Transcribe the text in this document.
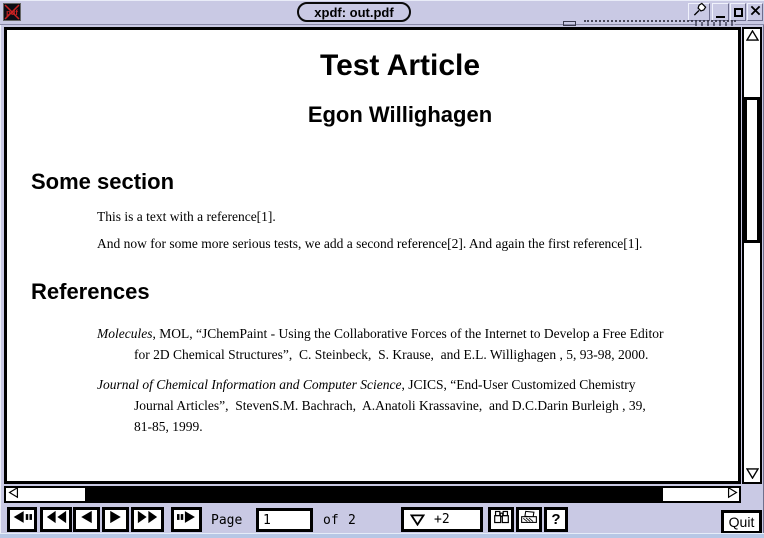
pdf	xpdf: out.pdf
Test Article
Egon Willighagen
Some section
This is a text with a reference[1].
And now for some more serious tests, we add a second reference[2]. And again the first reference[1].
References
Molecules, MOL, “JChemPaint - Using the Collaborative Forces of the Internet to Develop a Free Editor
for 2D Chemical Structures”,  C. Steinbeck,  S. Krause,  and E.L. Willighagen , 5, 93-98, 2000.
Journal of Chemical Information and Computer Science, JCICS, “End-User Customized Chemistry
Journal Articles”,  StevenS.M. Bachrach,  A.Anatoli Krassavine,  and D.C.Darin Burleigh , 39,
81-85, 1999.
Page
1	of 2	+2	?	Quit
